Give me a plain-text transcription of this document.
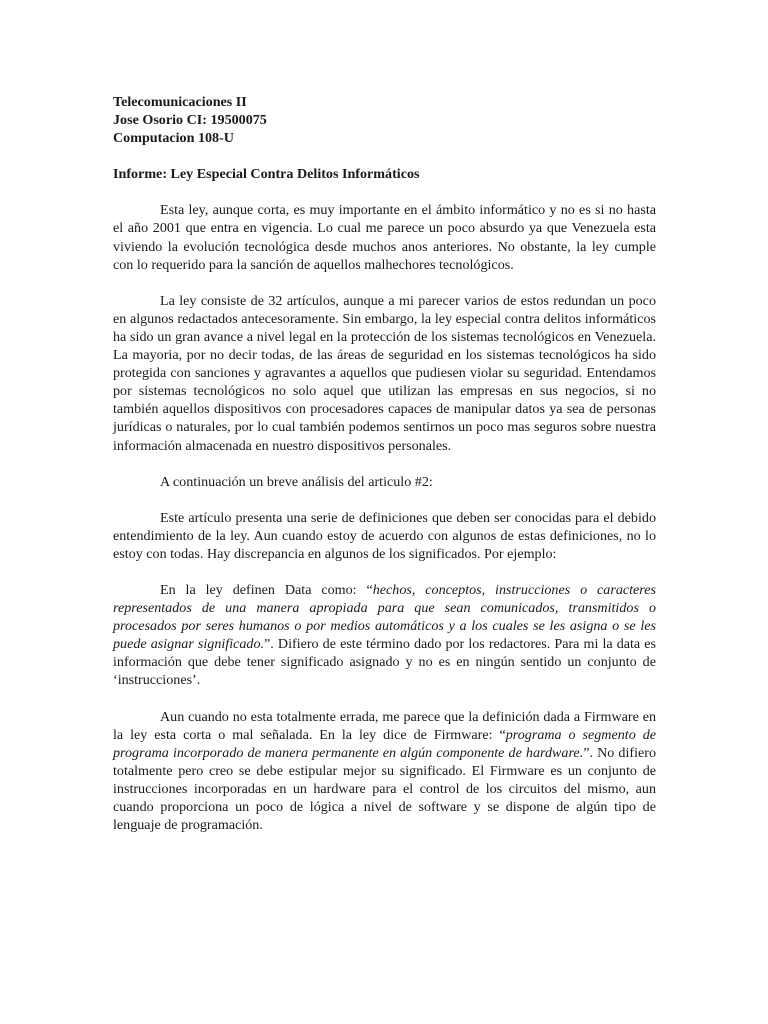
Telecomunicaciones II

Jose Osorio CI: 19500075

Computacion 108-U

Informe: Ley Especial Contra Delitos Informáticos

Esta ley, aunque corta, es muy importante en el ámbito informático y no es si no hasta el año 2001 que entra en vigencia. Lo cual me parece un poco absurdo ya que Venezuela esta viviendo la evolución tecnológica desde muchos anos anteriores. No obstante, la ley cumple con lo requerido para la sanción de aquellos malhechores tecnológicos.

La ley consiste de 32 artículos, aunque a mi parecer varios de estos redundan un poco en algunos redactados antecesoramente. Sin embargo, la ley especial contra delitos informáticos ha sido un gran avance a nivel legal en la protección de los sistemas tecnológicos en Venezuela. La mayoria, por no decir todas, de las áreas de seguridad en los sistemas tecnológicos ha sido protegida con sanciones y agravantes a aquellos que pudiesen violar su seguridad. Entendamos por sistemas tecnológicos no solo aquel que utilizan las empresas en sus negocios, si no también aquellos dispositivos con procesadores capaces de manipular datos ya sea de personas jurídicas o naturales, por lo cual también podemos sentirnos un poco mas seguros sobre nuestra información almacenada en nuestro dispositivos personales.

A continuación un breve análisis del articulo #2:

Este artículo presenta una serie de definiciones que deben ser conocidas para el debido entendimiento de la ley. Aun cuando estoy de acuerdo con algunos de estas definiciones, no lo estoy con todas. Hay discrepancia en algunos de los significados. Por ejemplo:

En la ley definen Data como: “hechos, conceptos, instrucciones o caracteres representados de una manera apropiada para que sean comunicados, transmitidos o procesados por seres humanos o por medios automáticos y a los cuales se les asigna o se les puede asignar significado.”. Difiero de este término dado por los redactores. Para mi la data es información que debe tener significado asignado y no es en ningún sentido un conjunto de ‘instrucciones’.

Aun cuando no esta totalmente errada, me parece que la definición dada a Firmware en la ley esta corta o mal señalada. En la ley dice de Firmware: “programa o segmento de programa incorporado de manera permanente en algún componente de hardware.”. No difiero totalmente pero creo se debe estipular mejor su significado. El Firmware es un conjunto de instrucciones incorporadas en un hardware para el control de los circuitos del mismo, aun cuando proporciona un poco de lógica a nivel de software y se dispone de algún tipo de lenguaje de programación.
